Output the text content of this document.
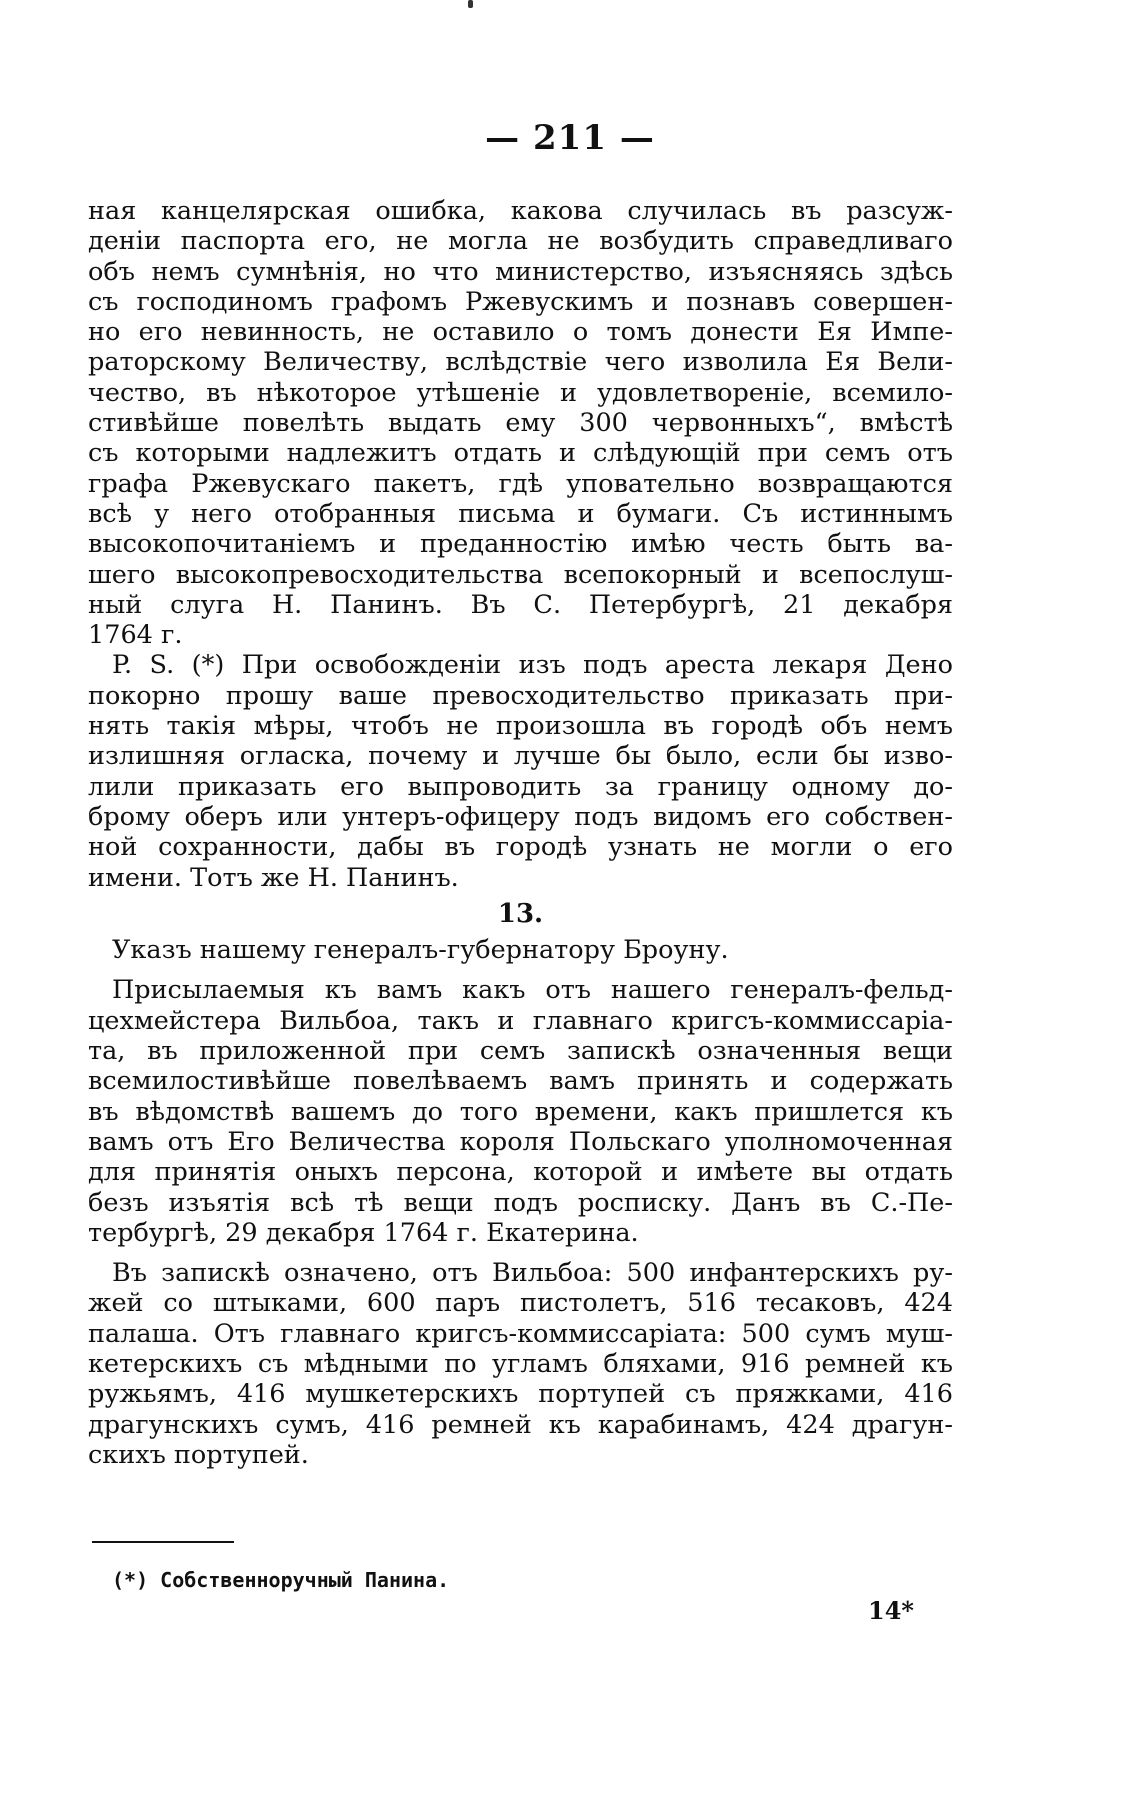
— 211 —
ная канцелярская ошибка, какова случилась въ разсуж-
деніи паспорта его, не могла не возбудить справедливаго
объ немъ сумнѣнія, но что министерство, изъясняясь здѣсь
съ господиномъ графомъ Ржевускимъ и познавъ совершен-
но его невинность, не оставило о томъ донести Ея Импе-
раторскому Величеству, вслѣдствіе чего изволила Ея Вели-
чество, въ нѣкоторое утѣшеніе и удовлетвореніе, всемило-
стивѣйше повелѣть выдать ему 300 червонныхъ“, вмѣстѣ
съ которыми надлежитъ отдать и слѣдующій при семъ отъ
графа Ржевускаго пакетъ, гдѣ уповательно возвращаются
всѣ у него отобранныя письма и бумаги. Съ истиннымъ
высокопочитаніемъ и преданностію имѣю честь быть ва-
шего высокопревосходительства всепокорный и всепослуш-
ный слуга Н. Панинъ. Въ С. Петербургѣ, 21 декабря
1764 г.
P. S. (*) При освобожденіи изъ подъ ареста лекаря Дено
покорно прошу ваше превосходительство приказать при-
нять такія мѣры, чтобъ не произошла въ городѣ объ немъ
излишняя огласка, почему и лучше бы было, если бы изво-
лили приказать его выпроводить за границу одному до-
брому оберъ или унтеръ-офицеру подъ видомъ его собствен-
ной сохранности, дабы въ городѣ узнать не могли о его
имени. Тотъ же Н. Панинъ.
13.
Указъ нашему генералъ-губернатору Броуну.
Присылаемыя къ вамъ какъ отъ нашего генералъ-фельд-
цехмейстера Вильбоа, такъ и главнаго кригсъ-коммиссаріа-
та, въ приложенной при семъ запискѣ означенныя вещи
всемилостивѣйше повелѣваемъ вамъ принять и содержать
въ вѣдомствѣ вашемъ до того времени, какъ пришлется къ
вамъ отъ Его Величества короля Польскаго уполномоченная
для принятія оныхъ персона, которой и имѣете вы отдать
безъ изъятія всѣ тѣ вещи подъ росписку. Данъ въ С.-Пе-
тербургѣ, 29 декабря 1764 г. Екатерина.
Въ запискѣ означено, отъ Вильбоа: 500 инфантерскихъ ру-
жей со штыками, 600 паръ пистолетъ, 516 тесаковъ, 424
палаша. Отъ главнаго кригсъ-коммиссаріата: 500 сумъ муш-
кетерскихъ съ мѣдными по угламъ бляхами, 916 ремней къ
ружьямъ, 416 мушкетерскихъ портупей съ пряжками, 416
драгунскихъ сумъ, 416 ремней къ карабинамъ, 424 драгун-
скихъ портупей.
(*) Собственноручный Панина.
14*
